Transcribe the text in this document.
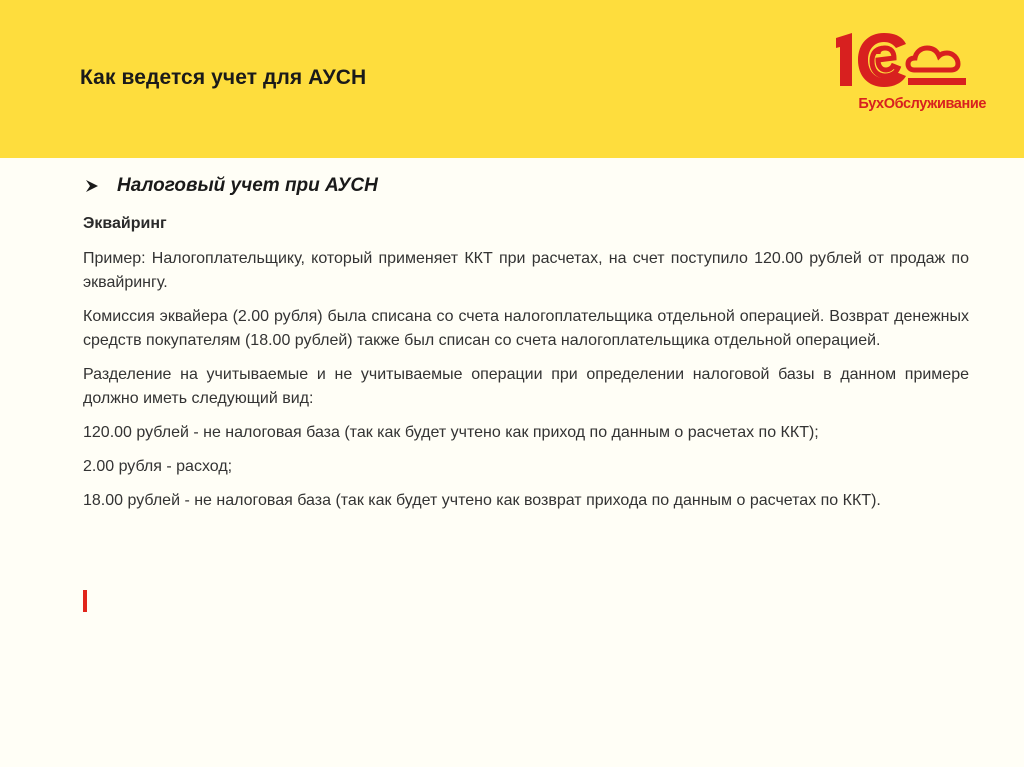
Как ведется учет для АУСН
БухОбслуживание
Налоговый учет при АУСН
Эквайринг
Пример: Налогоплательщику, который применяет ККТ при расчетах, на счет поступило 120.00 рублей от продаж по эквайрингу.
Комиссия эквайера (2.00 рубля) была списана со счета налогоплательщика отдельной операцией. Возврат денежных средств покупателям (18.00 рублей) также был списан со счета налогоплательщика отдельной операцией.
Разделение на учитываемые и не учитываемые операции при определении налоговой базы в данном примере должно иметь следующий вид:
120.00 рублей - не налоговая база (так как будет учтено как приход по данным о расчетах по ККТ);
2.00 рубля - расход;
18.00 рублей - не налоговая база (так как будет учтено как возврат прихода по данным о расчетах по ККТ).
